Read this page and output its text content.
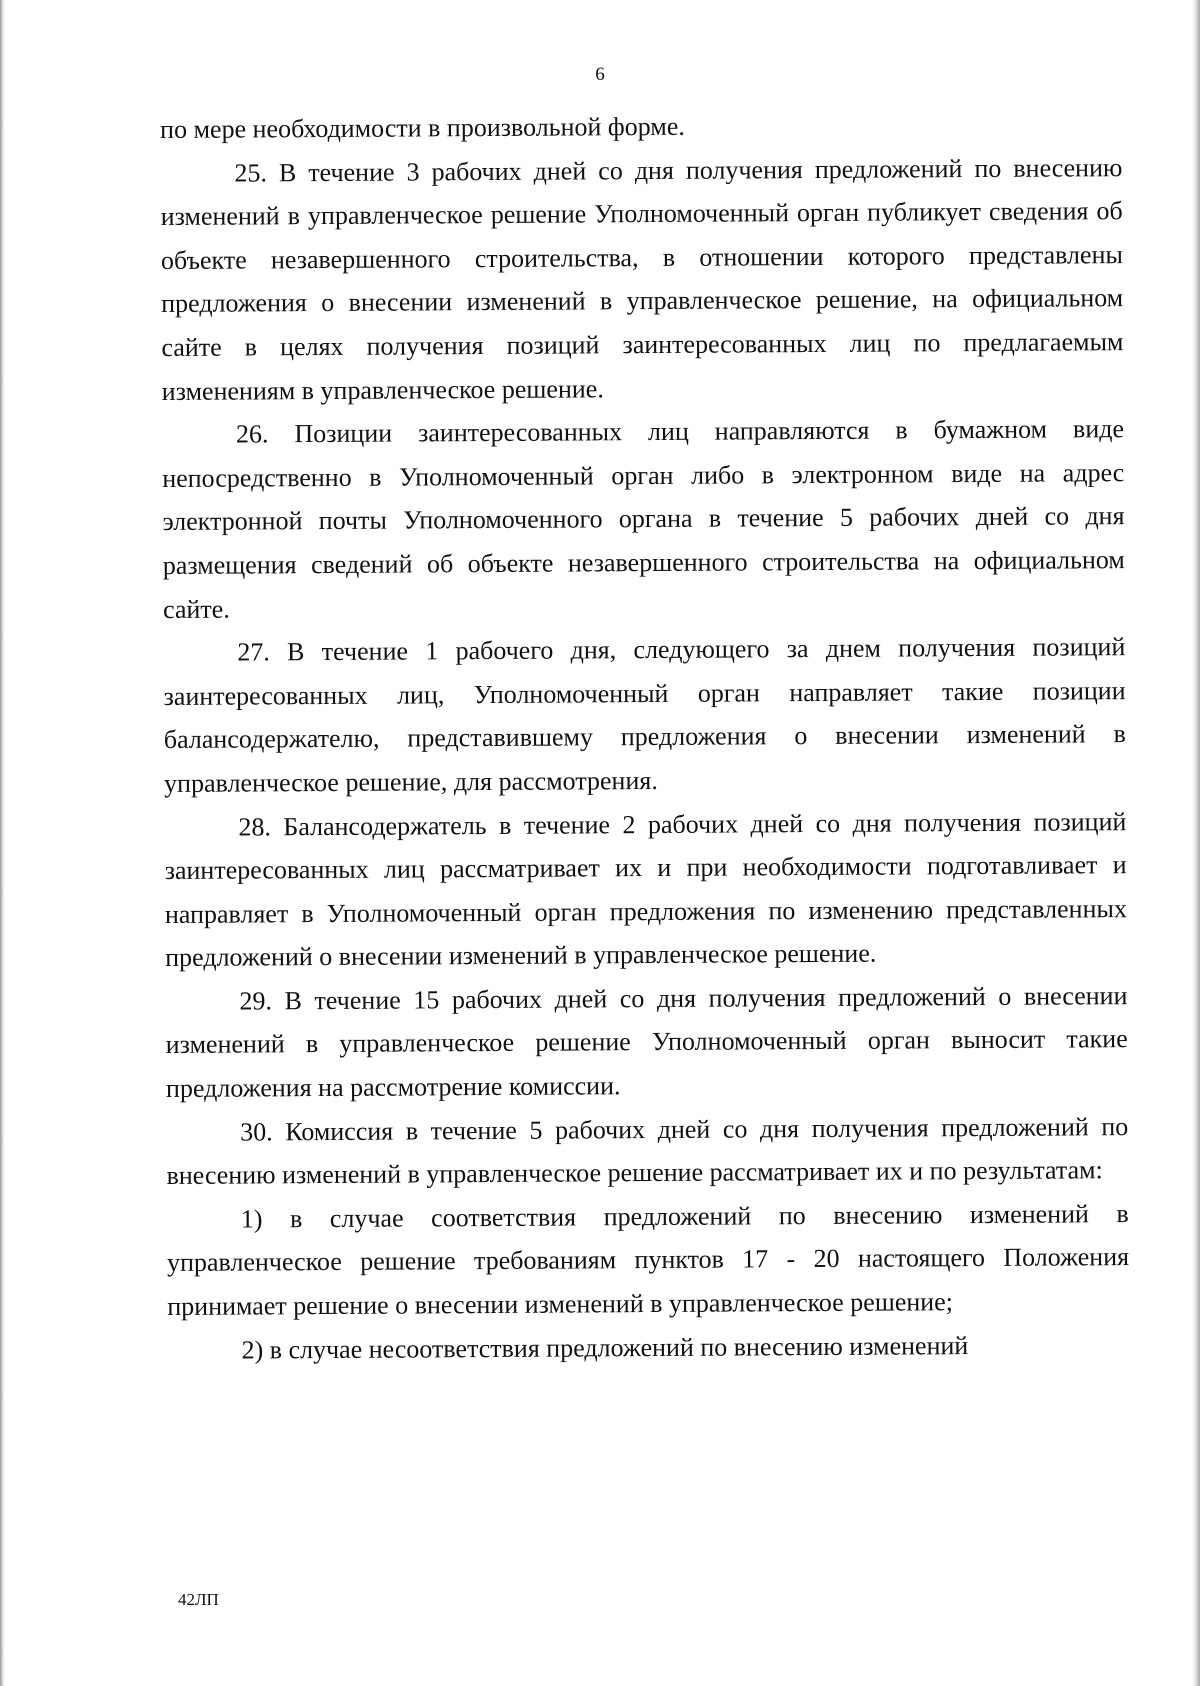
6

по мере необходимости в произвольной форме.

25. В течение 3 рабочих дней со дня получения предложений по внесению изменений в управленческое решение Уполномоченный орган публикует сведения об объекте незавершенного строительства, в отношении которого представлены предложения о внесении изменений в управленческое решение, на официальном сайте в целях получения позиций заинтересованных лиц по предлагаемым изменениям в управленческое решение.

26. Позиции заинтересованных лиц направляются в бумажном виде непосредственно в Уполномоченный орган либо в электронном виде на адрес электронной почты Уполномоченного органа в течение 5 рабочих дней со дня размещения сведений об объекте незавершенного строительства на официальном сайте.

27. В течение 1 рабочего дня, следующего за днем получения позиций заинтересованных лиц, Уполномоченный орган направляет такие позиции балансодержателю, представившему предложения о внесении изменений в управленческое решение, для рассмотрения.

28. Балансодержатель в течение 2 рабочих дней со дня получения позиций заинтересованных лиц рассматривает их и при необходимости подготавливает и направляет в Уполномоченный орган предложения по изменению представленных предложений о внесении изменений в управленческое решение.

29. В течение 15 рабочих дней со дня получения предложений о внесении изменений в управленческое решение Уполномоченный орган выносит такие предложения на рассмотрение комиссии.

30. Комиссия в течение 5 рабочих дней со дня получения предложений по внесению изменений в управленческое решение рассматривает их и по результатам:

1) в случае соответствия предложений по внесению изменений в управленческое решение требованиям пунктов 17 - 20 настоящего Положения принимает решение о внесении изменений в управленческое решение;

2) в случае несоответствия предложений по внесению изменений

42ЛП
